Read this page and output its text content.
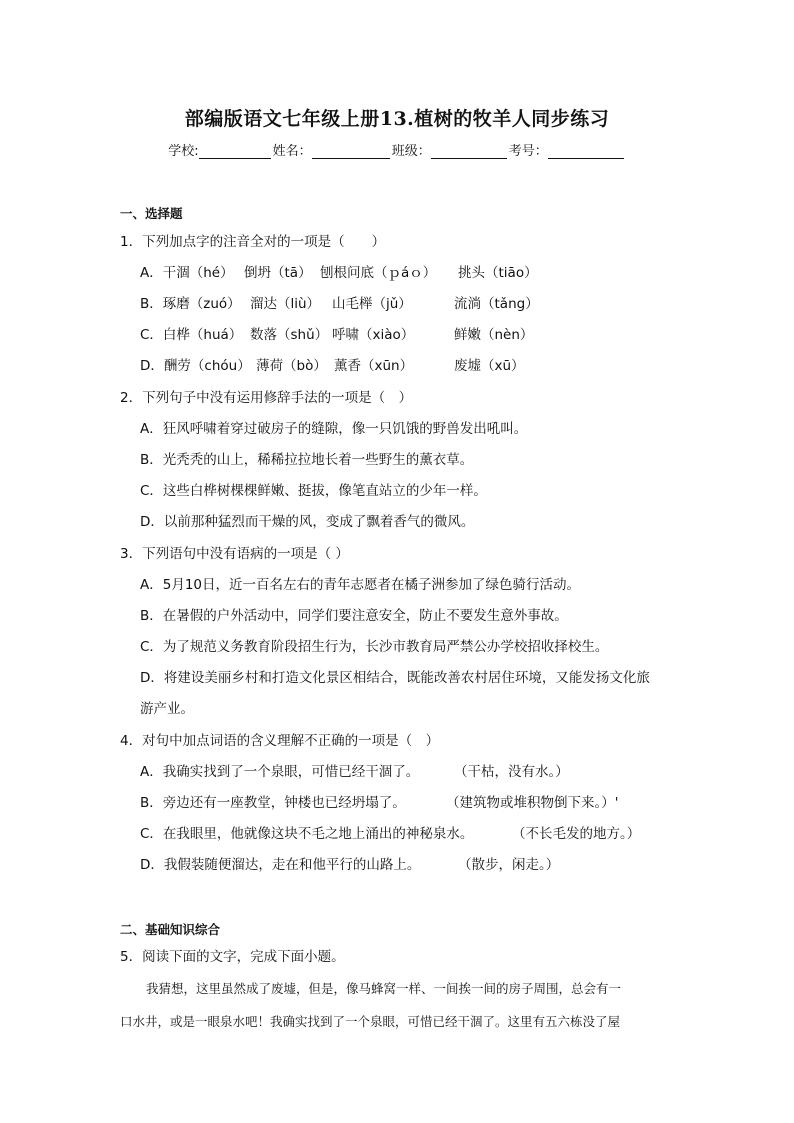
部编版语文七年级上册13.植树的牧羊人同步练习
学校:	姓名：	班级：	考号：
一、选择题
1．下列加点字的注音全对的一项是（　　）
A．干涸（hé） 倒坍（tā） 刨根问底（ｐáｏ） 挑头（tiāo）
B．琢磨（zuó） 溜达（liù） 山毛榉（jǔ）	流淌（tǎng）
C．白桦（huá） 数落（shǔ） 呼啸（xiào）	鲜嫩（nèn）
D．酬劳（chóu） 薄荷（bò） 薰香（xūn）	废墟（xū）
2．下列句子中没有运用修辞手法的一项是（　）
A．狂风呼啸着穿过破房子的缝隙，像一只饥饿的野兽发出吼叫。
B．光秃秃的山上，稀稀拉拉地长着一些野生的薰衣草。
C．这些白桦树棵棵鲜嫩、挺拔，像笔直站立的少年一样。
D．以前那种猛烈而干燥的风，变成了飘着香气的微风。
3．下列语句中没有语病的一项是（ ）
A．5月10日，近一百名左右的青年志愿者在橘子洲参加了绿色骑行活动。
B．在暑假的户外活动中，同学们要注意安全，防止不要发生意外事故。
C．为了规范义务教育阶段招生行为，长沙市教育局严禁公办学校招收择校生。
D．将建设美丽乡村和打造文化景区相结合，既能改善农村居住环境，又能发扬文化旅
游产业。
4．对句中加点词语的含义理解不正确的一项是（　）
A．我确实找到了一个泉眼，可惜已经干涸了。	（干枯，没有水。）
B．旁边还有一座教堂，钟楼也已经坍塌了。	（建筑物或堆积物倒下来。）'
C．在我眼里，他就像这块不毛之地上涌出的神秘泉水。	（不长毛发的地方。）
D．我假装随便溜达，走在和他平行的山路上。	（散步，闲走。）
二、基础知识综合
5．阅读下面的文字，完成下面小题。
我猜想，这里虽然成了废墟，但是，像马蜂窝一样、一间挨一间的房子周围，总会有一
口水井，或是一眼泉水吧！我确实找到了一个泉眼，可惜已经干涸了。这里有五六栋没了屋
